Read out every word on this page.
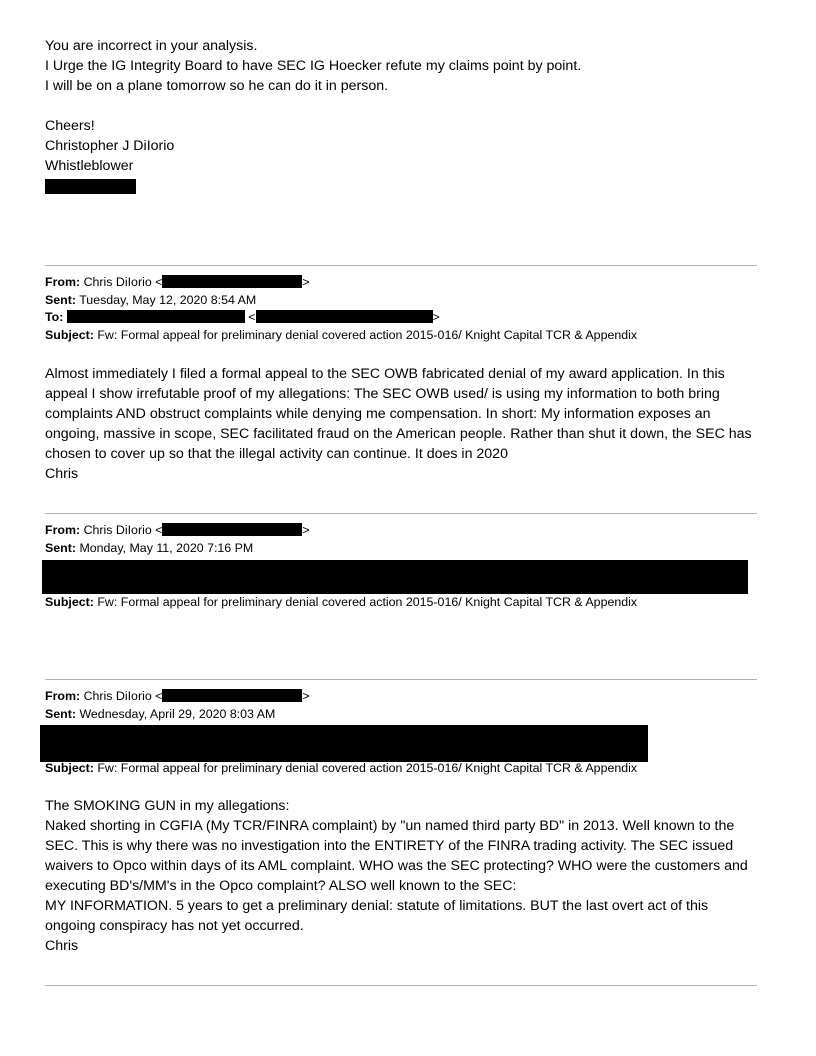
You are incorrect in your analysis.
I Urge the IG Integrity Board to have SEC IG Hoecker refute my claims point by point.
I will be on a plane tomorrow so he can do it in person.
Cheers!
Christopher J DiIorio
Whistleblower
From: Chris DiIorio <	>
Sent: Tuesday, May 12, 2020 8:54 AM
To:	<	>
Subject: Fw: Formal appeal for preliminary denial covered action 2015-016/ Knight Capital TCR & Appendix
Almost immediately I filed a formal appeal to the SEC OWB fabricated denial of my award application. In this
appeal I show irrefutable proof of my allegations: The SEC OWB used/ is using my information to both bring
complaints AND obstruct complaints while denying me compensation. In short: My information exposes an
ongoing, massive in scope, SEC facilitated fraud on the American people. Rather than shut it down, the SEC has
chosen to cover up so that the illegal activity can continue. It does in 2020
Chris
From: Chris DiIorio <	>
Sent: Monday, May 11, 2020 7:16 PM
Subject: Fw: Formal appeal for preliminary denial covered action 2015-016/ Knight Capital TCR & Appendix
From: Chris DiIorio <	>
Sent: Wednesday, April 29, 2020 8:03 AM
Subject: Fw: Formal appeal for preliminary denial covered action 2015-016/ Knight Capital TCR & Appendix
The SMOKING GUN in my allegations:
Naked shorting in CGFIA (My TCR/FINRA complaint) by "un named third party BD" in 2013. Well known to the
SEC. This is why there was no investigation into the ENTIRETY of the FINRA trading activity. The SEC issued
waivers to Opco within days of its AML complaint. WHO was the SEC protecting? WHO were the customers and
executing BD's/MM's in the Opco complaint? ALSO well known to the SEC:
MY INFORMATION. 5 years to get a preliminary denial: statute of limitations. BUT the last overt act of this
ongoing conspiracy has not yet occurred.
Chris
